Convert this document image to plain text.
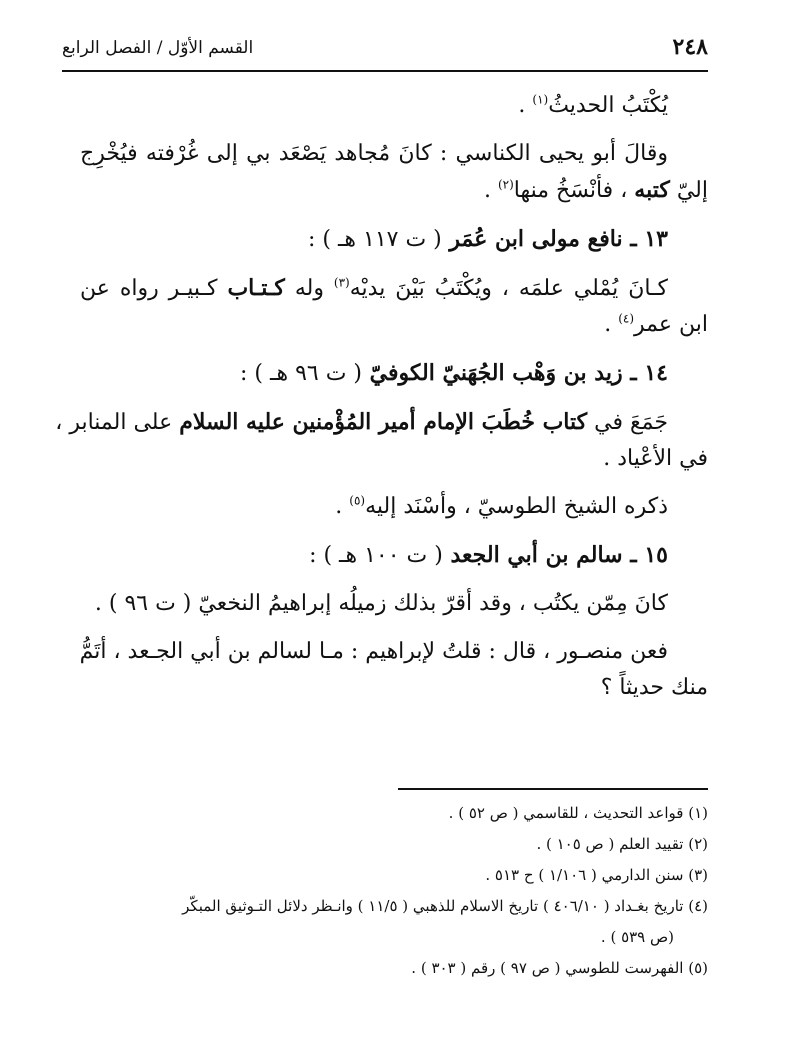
٢٤٨
القسم الأوّل / الفصل الرابع

يُكْتَبُ الحديثُ$^{(١)}$ .

وقالَ أبو يحيى الكناسي : كانَ مُجاهد يَصْعَد بي إلى غُرْفته فيُخْرِج

إليّ كتبه ، فأنْسَخُ منها$^{(٢)}$ .

١٣ ـ نافع مولى ابن عُمَر ( ت ١١٧ هـ ) :

كـانَ يُمْلي علمَه ، ويُكْتَبُ بَيْنَ يديْه$^{(٣)}$ وله كـتـاب كـبيـر رواه عن

ابن عمر$^{(٤)}$ .

١٤ ـ زيد بن وَهْب الجُهَنيّ الكوفيّ ( ت ٩٦ هـ ) :

جَمَعَ في كتاب خُطَبَ الإمام أمير المُؤْمنين عليه السلام على المنابر ،

في الأعْياد .

ذكره الشيخ الطوسيّ ، وأسْنَد إليه$^{(٥)}$ .

١٥ ـ سالم بن أبي الجعد ( ت ١٠٠ هـ ) :

كانَ مِمّن يكتُب ، وقد أقرّ بذلك زميلُه إبراهيمُ النخعيّ ( ت ٩٦ ) .

فعن منصـور ، قال : قلتُ لإبراهيم : مـا لسالم بن أبي الجـعد ، أتَمُّ

منك حديثاً ؟

(١) قواعد التحديث ، للقاسمي ( ص ٥٢ ) .

(٢) تقييد العلم ( ص ١٠٥ ) .

(٣) سنن الدارمي ( ١/١٠٦ ) ح ٥١٣ .

(٤) تاريخ بغـداد ( ٤٠٦/١٠ ) تاريخ الاسلام للذهبي ( ١١/٥ ) وانـظر دلائل التـوثيق المبكّر

(ص ٥٣٩ ) .

(٥) الفهرست للطوسي ( ص ٩٧ ) رقم ( ٣٠٣ ) .
